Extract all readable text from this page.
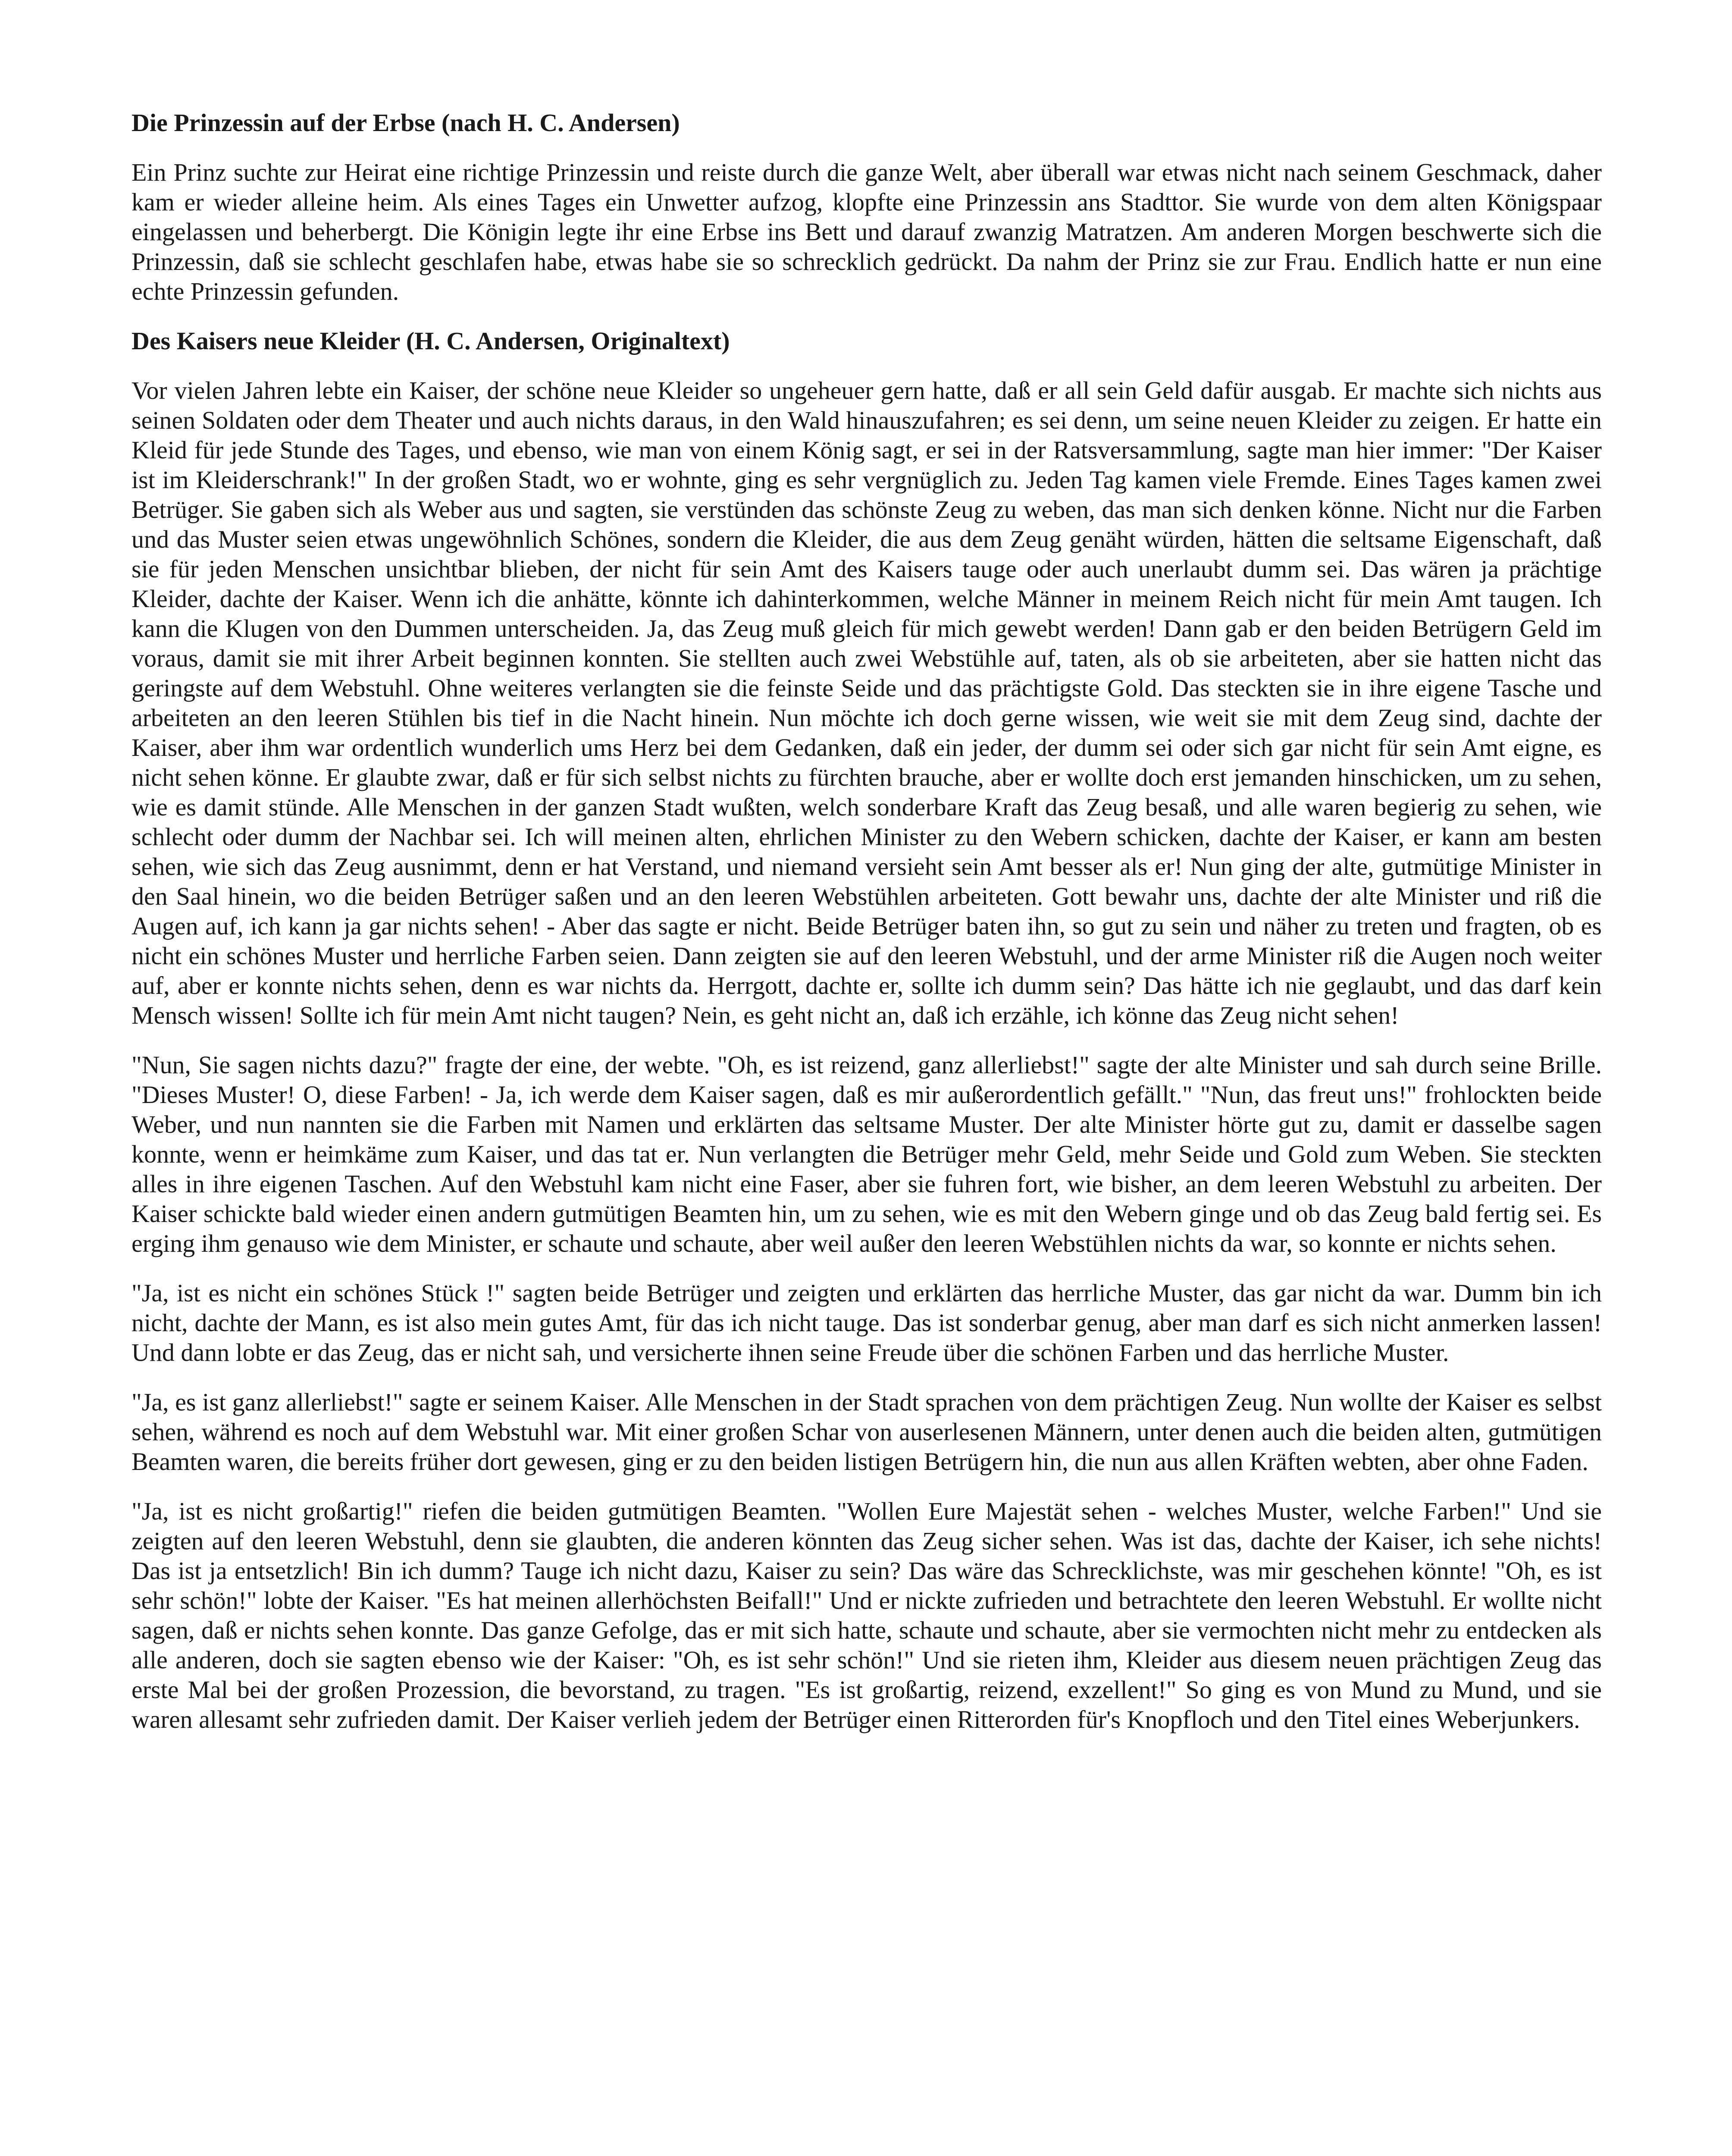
Die Prinzessin auf der Erbse (nach H. C. Andersen)

Ein Prinz suchte zur Heirat eine richtige Prinzessin und reiste durch die ganze Welt, aber überall war etwas nicht nach seinem Geschmack, daher kam er wieder alleine heim. Als eines Tages ein Unwetter aufzog, klopfte eine Prinzessin ans Stadttor. Sie wurde von dem alten Königspaar eingelassen und beherbergt. Die Königin legte ihr eine Erbse ins Bett und darauf zwanzig Matratzen. Am anderen Morgen beschwerte sich die Prinzessin, daß sie schlecht geschlafen habe, etwas habe sie so schrecklich gedrückt. Da nahm der Prinz sie zur Frau. Endlich hatte er nun eine echte Prinzessin gefunden.

Des Kaisers neue Kleider (H. C. Andersen, Originaltext)

Vor vielen Jahren lebte ein Kaiser, der schöne neue Kleider so ungeheuer gern hatte, daß er all sein Geld dafür ausgab. Er machte sich nichts aus seinen Soldaten oder dem Theater und auch nichts daraus, in den Wald hinauszufahren; es sei denn, um seine neuen Kleider zu zeigen. Er hatte ein Kleid für jede Stunde des Tages, und ebenso, wie man von einem König sagt, er sei in der Ratsversammlung, sagte man hier immer: "Der Kaiser ist im Kleiderschrank!" In der großen Stadt, wo er wohnte, ging es sehr vergnüglich zu. Jeden Tag kamen viele Fremde. Eines Tages kamen zwei Betrüger. Sie gaben sich als Weber aus und sagten, sie verstünden das schönste Zeug zu weben, das man sich denken könne. Nicht nur die Farben und das Muster seien etwas ungewöhnlich Schönes, sondern die Kleider, die aus dem Zeug genäht würden, hätten die seltsame Eigenschaft, daß sie für jeden Menschen unsichtbar blieben, der nicht für sein Amt des Kaisers tauge oder auch unerlaubt dumm sei. Das wären ja prächtige Kleider, dachte der Kaiser. Wenn ich die anhätte, könnte ich dahinterkommen, welche Männer in meinem Reich nicht für mein Amt taugen. Ich kann die Klugen von den Dummen unterscheiden. Ja, das Zeug muß gleich für mich gewebt werden! Dann gab er den beiden Betrügern Geld im voraus, damit sie mit ihrer Arbeit beginnen konnten. Sie stellten auch zwei Webstühle auf, taten, als ob sie arbeiteten, aber sie hatten nicht das geringste auf dem Webstuhl. Ohne weiteres verlangten sie die feinste Seide und das prächtigste Gold. Das steckten sie in ihre eigene Tasche und arbeiteten an den leeren Stühlen bis tief in die Nacht hinein. Nun möchte ich doch gerne wissen, wie weit sie mit dem Zeug sind, dachte der Kaiser, aber ihm war ordentlich wunderlich ums Herz bei dem Gedanken, daß ein jeder, der dumm sei oder sich gar nicht für sein Amt eigne, es nicht sehen könne. Er glaubte zwar, daß er für sich selbst nichts zu fürchten brauche, aber er wollte doch erst jemanden hinschicken, um zu sehen, wie es damit stünde. Alle Menschen in der ganzen Stadt wußten, welch sonderbare Kraft das Zeug besaß, und alle waren begierig zu sehen, wie schlecht oder dumm der Nachbar sei. Ich will meinen alten, ehrlichen Minister zu den Webern schicken, dachte der Kaiser, er kann am besten sehen, wie sich das Zeug ausnimmt, denn er hat Verstand, und niemand versieht sein Amt besser als er! Nun ging der alte, gutmütige Minister in den Saal hinein, wo die beiden Betrüger saßen und an den leeren Webstühlen arbeiteten. Gott bewahr uns, dachte der alte Minister und riß die Augen auf, ich kann ja gar nichts sehen! - Aber das sagte er nicht. Beide Betrüger baten ihn, so gut zu sein und näher zu treten und fragten, ob es nicht ein schönes Muster und herrliche Farben seien. Dann zeigten sie auf den leeren Webstuhl, und der arme Minister riß die Augen noch weiter auf, aber er konnte nichts sehen, denn es war nichts da. Herrgott, dachte er, sollte ich dumm sein? Das hätte ich nie geglaubt, und das darf kein Mensch wissen! Sollte ich für mein Amt nicht taugen? Nein, es geht nicht an, daß ich erzähle, ich könne das Zeug nicht sehen!

"Nun, Sie sagen nichts dazu?" fragte der eine, der webte. "Oh, es ist reizend, ganz allerliebst!" sagte der alte Minister und sah durch seine Brille. "Dieses Muster! O, diese Farben! - Ja, ich werde dem Kaiser sagen, daß es mir außerordentlich gefällt." "Nun, das freut uns!" frohlockten beide Weber, und nun nannten sie die Farben mit Namen und erklärten das seltsame Muster. Der alte Minister hörte gut zu, damit er dasselbe sagen konnte, wenn er heimkäme zum Kaiser, und das tat er. Nun verlangten die Betrüger mehr Geld, mehr Seide und Gold zum Weben. Sie steckten alles in ihre eigenen Taschen. Auf den Webstuhl kam nicht eine Faser, aber sie fuhren fort, wie bisher, an dem leeren Webstuhl zu arbeiten. Der Kaiser schickte bald wieder einen andern gutmütigen Beamten hin, um zu sehen, wie es mit den Webern ginge und ob das Zeug bald fertig sei. Es erging ihm genauso wie dem Minister, er schaute und schaute, aber weil außer den leeren Webstühlen nichts da war, so konnte er nichts sehen.

"Ja, ist es nicht ein schönes Stück !" sagten beide Betrüger und zeigten und erklärten das herrliche Muster, das gar nicht da war. Dumm bin ich nicht, dachte der Mann, es ist also mein gutes Amt, für das ich nicht tauge. Das ist sonderbar genug, aber man darf es sich nicht anmerken lassen! Und dann lobte er das Zeug, das er nicht sah, und versicherte ihnen seine Freude über die schönen Farben und das herrliche Muster.

"Ja, es ist ganz allerliebst!" sagte er seinem Kaiser. Alle Menschen in der Stadt sprachen von dem prächtigen Zeug. Nun wollte der Kaiser es selbst sehen, während es noch auf dem Webstuhl war. Mit einer großen Schar von auserlesenen Männern, unter denen auch die beiden alten, gutmütigen Beamten waren, die bereits früher dort gewesen, ging er zu den beiden listigen Betrügern hin, die nun aus allen Kräften webten, aber ohne Faden.

"Ja, ist es nicht großartig!" riefen die beiden gutmütigen Beamten. "Wollen Eure Majestät sehen - welches Muster, welche Farben!" Und sie zeigten auf den leeren Webstuhl, denn sie glaubten, die anderen könnten das Zeug sicher sehen. Was ist das, dachte der Kaiser, ich sehe nichts! Das ist ja entsetzlich! Bin ich dumm? Tauge ich nicht dazu, Kaiser zu sein? Das wäre das Schrecklichste, was mir geschehen könnte! "Oh, es ist sehr schön!" lobte der Kaiser. "Es hat meinen allerhöchsten Beifall!" Und er nickte zufrieden und betrachtete den leeren Webstuhl. Er wollte nicht sagen, daß er nichts sehen konnte. Das ganze Gefolge, das er mit sich hatte, schaute und schaute, aber sie vermochten nicht mehr zu entdecken als alle anderen, doch sie sagten ebenso wie der Kaiser: "Oh, es ist sehr schön!" Und sie rieten ihm, Kleider aus diesem neuen prächtigen Zeug das erste Mal bei der großen Prozession, die bevorstand, zu tragen. "Es ist großartig, reizend, exzellent!" So ging es von Mund zu Mund, und sie waren allesamt sehr zufrieden damit. Der Kaiser verlieh jedem der Betrüger einen Ritterorden für's Knopfloch und den Titel eines Weberjunkers.
